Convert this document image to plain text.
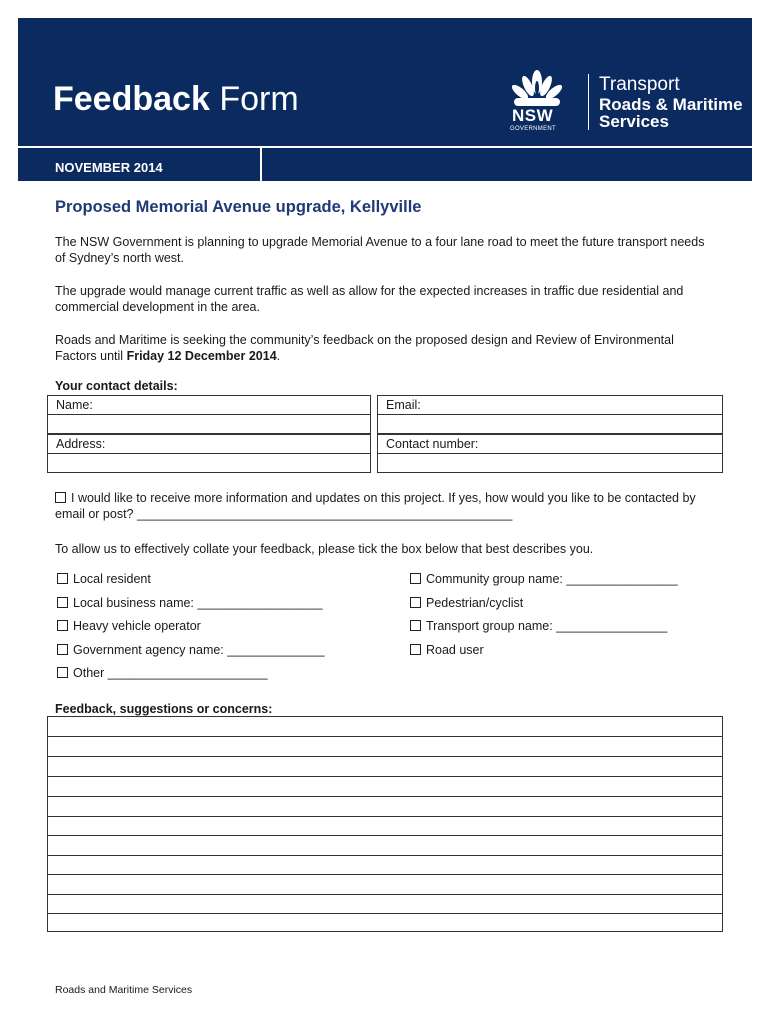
Feedback Form	NSW
GOVERNMENT
Transport
Roads & Maritime
Services
NOVEMBER 2014
Proposed Memorial Avenue upgrade, Kellyville
The NSW Government is planning to upgrade Memorial Avenue to a four lane road to meet the future transport needs of Sydney’s north west.
The upgrade would manage current traffic as well as allow for the expected increases in traffic due residential and commercial development in the area.
Roads and Maritime is seeking the community’s feedback on the proposed design and Review of Environmental Factors until Friday 12 December 2014.
Your contact details:
Name:	Email:
Address:	Contact number:
I would like to receive more information and updates on this project. If yes, how would you like to be contacted by email or post? ______________________________________________________
To allow us to effectively collate your feedback, please tick the box below that best describes you.
Local resident
Local business name: __________________
Heavy vehicle operator
Government agency name: ______________
Other _______________________
Community group name: ________________
Pedestrian/cyclist
Transport group name: ________________
Road user
Feedback, suggestions or concerns:
Roads and Maritime Services
